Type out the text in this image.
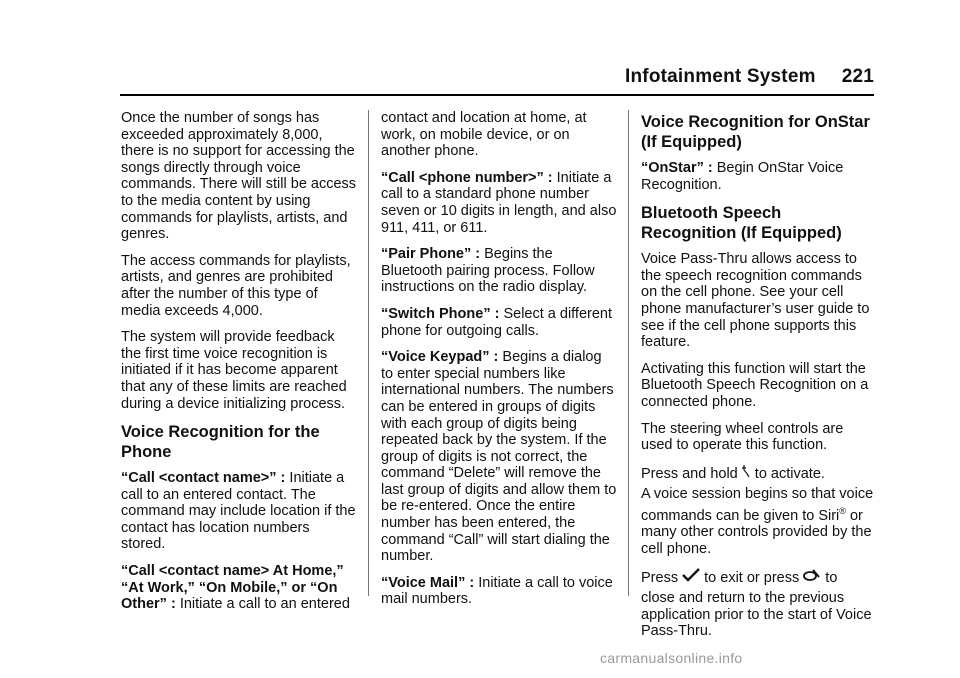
Infotainment System 221

Once the number of songs has exceeded approximately 8,000, there is no support for accessing the songs directly through voice commands. There will still be access to the media content by using commands for playlists, artists, and genres.

The access commands for playlists, artists, and genres are prohibited after the number of this type of media exceeds 4,000.

The system will provide feedback the first time voice recognition is initiated if it has become apparent that any of these limits are reached during a device initializing process.

Voice Recognition for the Phone

“Call <contact name>” : Initiate a call to an entered contact. The command may include location if the contact has location numbers stored.

“Call <contact name> At Home,” “At Work,” “On Mobile,” or “On Other” : Initiate a call to an entered

contact and location at home, at work, on mobile device, or on another phone.

“Call <phone number>” : Initiate a call to a standard phone number seven or 10 digits in length, and also 911, 411, or 611.

“Pair Phone” : Begins the Bluetooth pairing process. Follow instructions on the radio display.

“Switch Phone” : Select a different phone for outgoing calls.

“Voice Keypad” : Begins a dialog to enter special numbers like international numbers. The numbers can be entered in groups of digits with each group of digits being repeated back by the system. If the group of digits is not correct, the command “Delete” will remove the last group of digits and allow them to be re-entered. Once the entire number has been entered, the command “Call” will start dialing the number.

“Voice Mail” : Initiate a call to voice mail numbers.

Voice Recognition for OnStar (If Equipped)

“OnStar” : Begin OnStar Voice Recognition.

Bluetooth Speech Recognition (If Equipped)

Voice Pass-Thru allows access to the speech recognition commands on the cell phone. See your cell phone manufacturer’s user guide to see if the cell phone supports this feature.

Activating this function will start the Bluetooth Speech Recognition on a connected phone.

The steering wheel controls are used to operate this function.

Press and hold to activate.

A voice session begins so that voice commands can be given to Siri® or many other controls provided by the cell phone.

Press to exit or press to

close and return to the previous application prior to the start of Voice Pass-Thru.

carmanualsonline.info
